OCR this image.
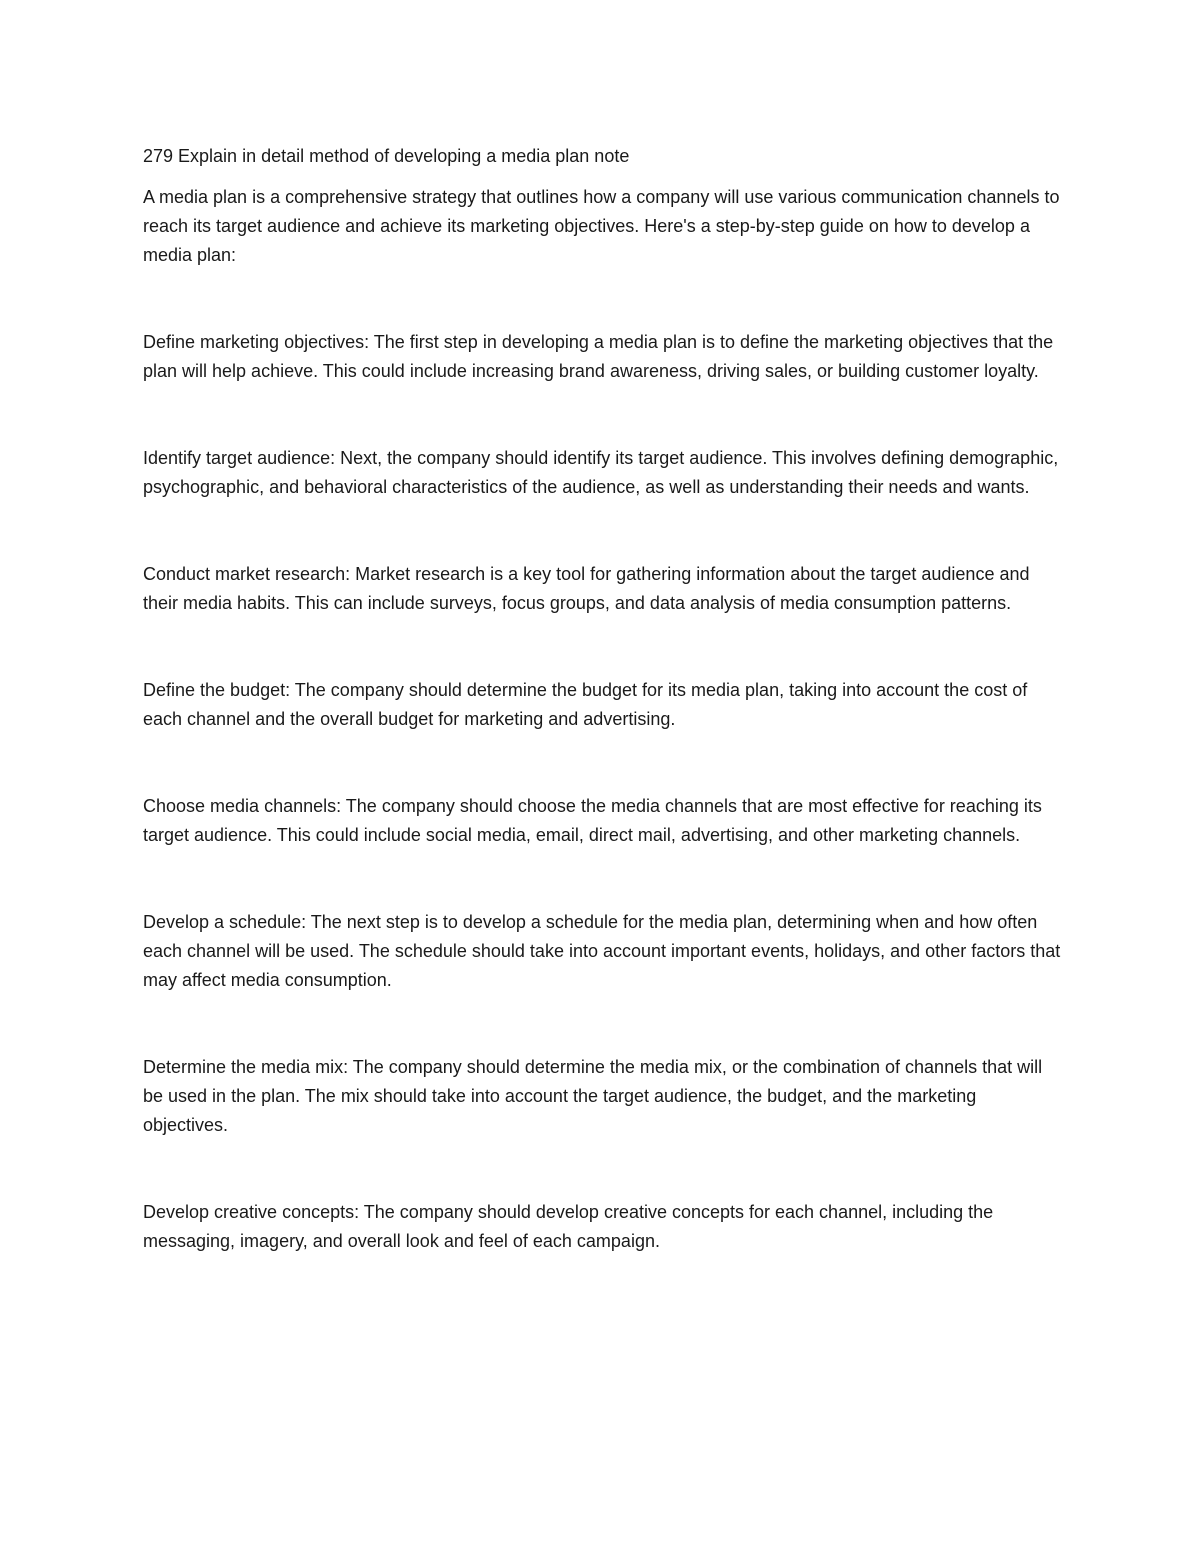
279 Explain in detail method of developing a media plan note

A media plan is a comprehensive strategy that outlines how a company will use various communication channels to reach its target audience and achieve its marketing objectives. Here's a step-by-step guide on how to develop a media plan:

Define marketing objectives: The first step in developing a media plan is to define the marketing objectives that the plan will help achieve. This could include increasing brand awareness, driving sales, or building customer loyalty.

Identify target audience: Next, the company should identify its target audience. This involves defining demographic, psychographic, and behavioral characteristics of the audience, as well as understanding their needs and wants.

Conduct market research: Market research is a key tool for gathering information about the target audience and their media habits. This can include surveys, focus groups, and data analysis of media consumption patterns.

Define the budget: The company should determine the budget for its media plan, taking into account the cost of each channel and the overall budget for marketing and advertising.

Choose media channels: The company should choose the media channels that are most effective for reaching its target audience. This could include social media, email, direct mail, advertising, and other marketing channels.

Develop a schedule: The next step is to develop a schedule for the media plan, determining when and how often each channel will be used. The schedule should take into account important events, holidays, and other factors that may affect media consumption.

Determine the media mix: The company should determine the media mix, or the combination of channels that will be used in the plan. The mix should take into account the target audience, the budget, and the marketing objectives.

Develop creative concepts: The company should develop creative concepts for each channel, including the messaging, imagery, and overall look and feel of each campaign.
